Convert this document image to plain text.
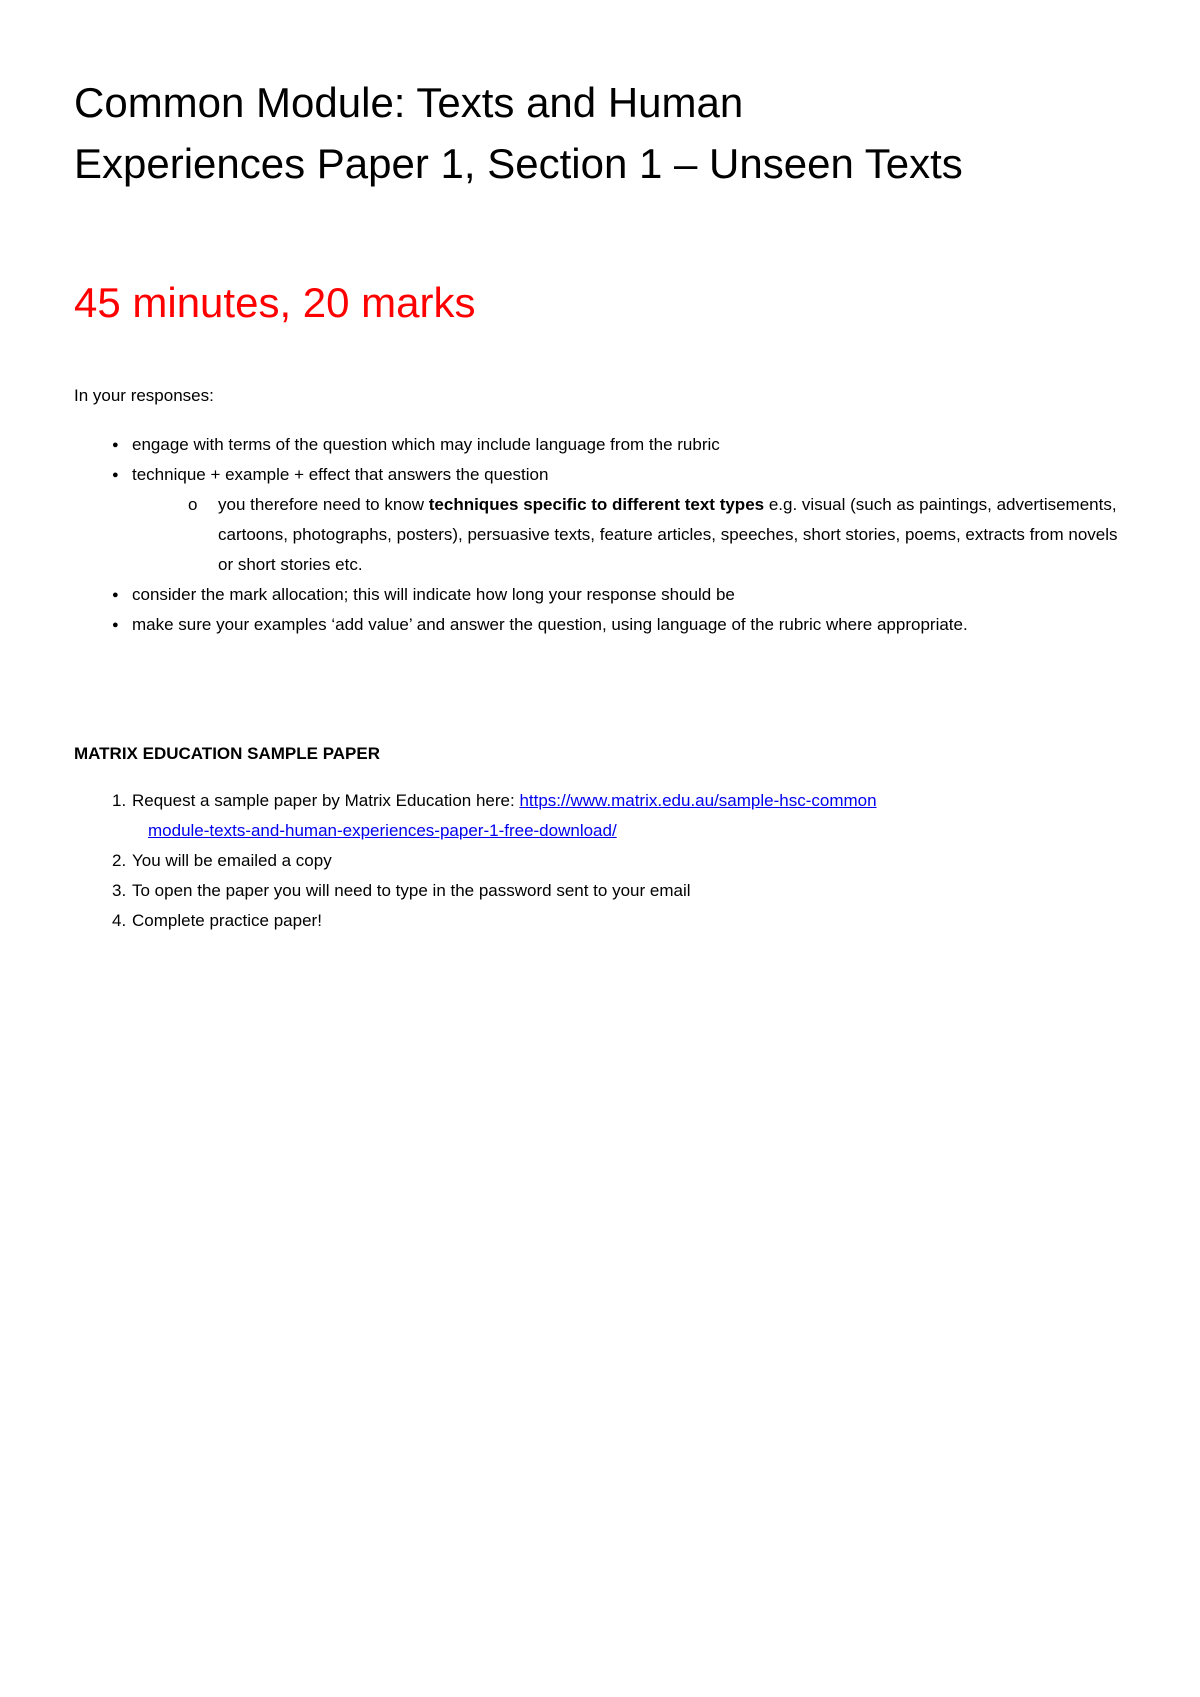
Common Module: Texts and Human Experiences Paper 1, Section 1 – Unseen Texts
45 minutes, 20 marks
In your responses:
● engage with terms of the question which may include language from the rubric
● technique + example + effect that answers the question
o you therefore need to know techniques specific to different text types e.g. visual (such as paintings, advertisements, cartoons, photographs, posters), persuasive texts, feature articles, speeches, short stories, poems, extracts from novels or short stories etc.
● consider the mark allocation; this will indicate how long your response should be
● make sure your examples ‘add value’ and answer the question, using language of the rubric where appropriate.
MATRIX EDUCATION SAMPLE PAPER
1. Request a sample paper by Matrix Education here: https://www.matrix.edu.au/sample-hsc-common
module-texts-and-human-experiences-paper-1-free-download/
2. You will be emailed a copy
3. To open the paper you will need to type in the password sent to your email
4. Complete practice paper!
